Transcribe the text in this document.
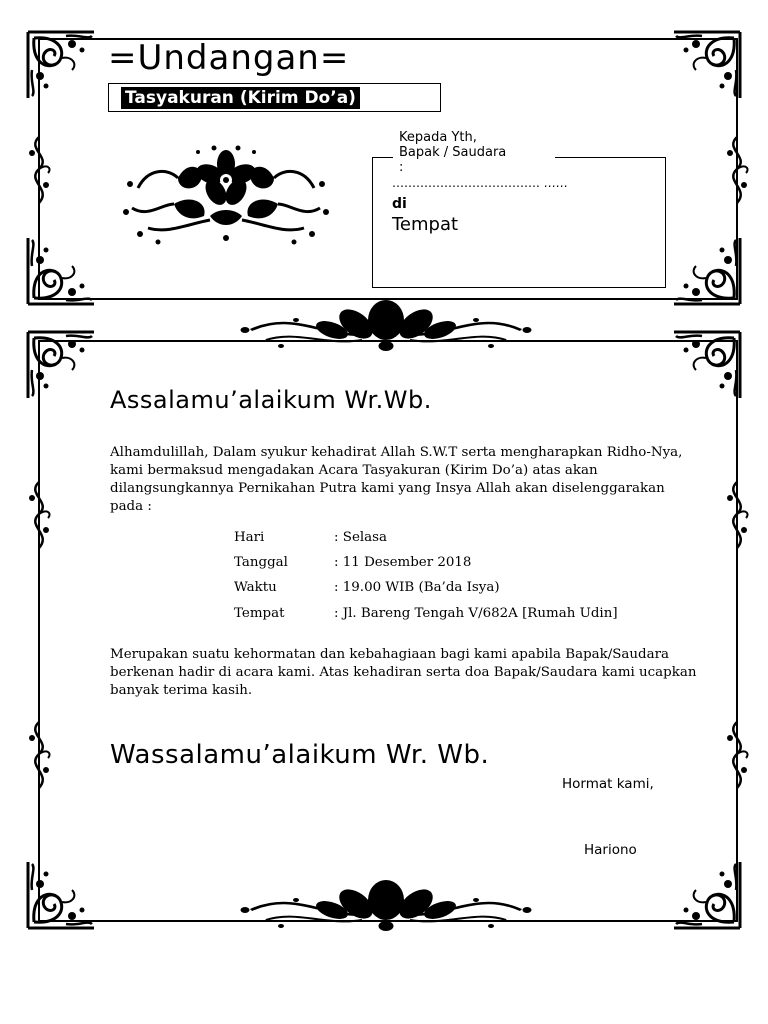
=Undangan=
Tasyakuran (Kirim Do’a)
Kepada Yth,
Bapak / Saudara
:
………………………………. ……
di
Tempat
Assalamu’alaikum Wr.Wb.
Alhamdulillah, Dalam syukur kehadirat Allah S.W.T serta mengharapkan Ridho-Nya, kami bermaksud mengadakan Acara Tasyakuran (Kirim Do’a) atas akan dilangsungkannya Pernikahan Putra kami yang Insya Allah akan diselenggarakan pada :
Hari	: Selasa
Tanggal	: 11 Desember 2018
Waktu	: 19.00 WIB (Ba’da Isya)
Tempat	: Jl. Bareng Tengah V/682A [Rumah Udin]
Merupakan suatu kehormatan dan kebahagiaan bagi kami apabila Bapak/Saudara berkenan hadir di acara kami. Atas kehadiran serta doa Bapak/Saudara kami ucapkan banyak terima kasih.
Wassalamu’alaikum Wr. Wb.
Hormat kami,
Hariono
